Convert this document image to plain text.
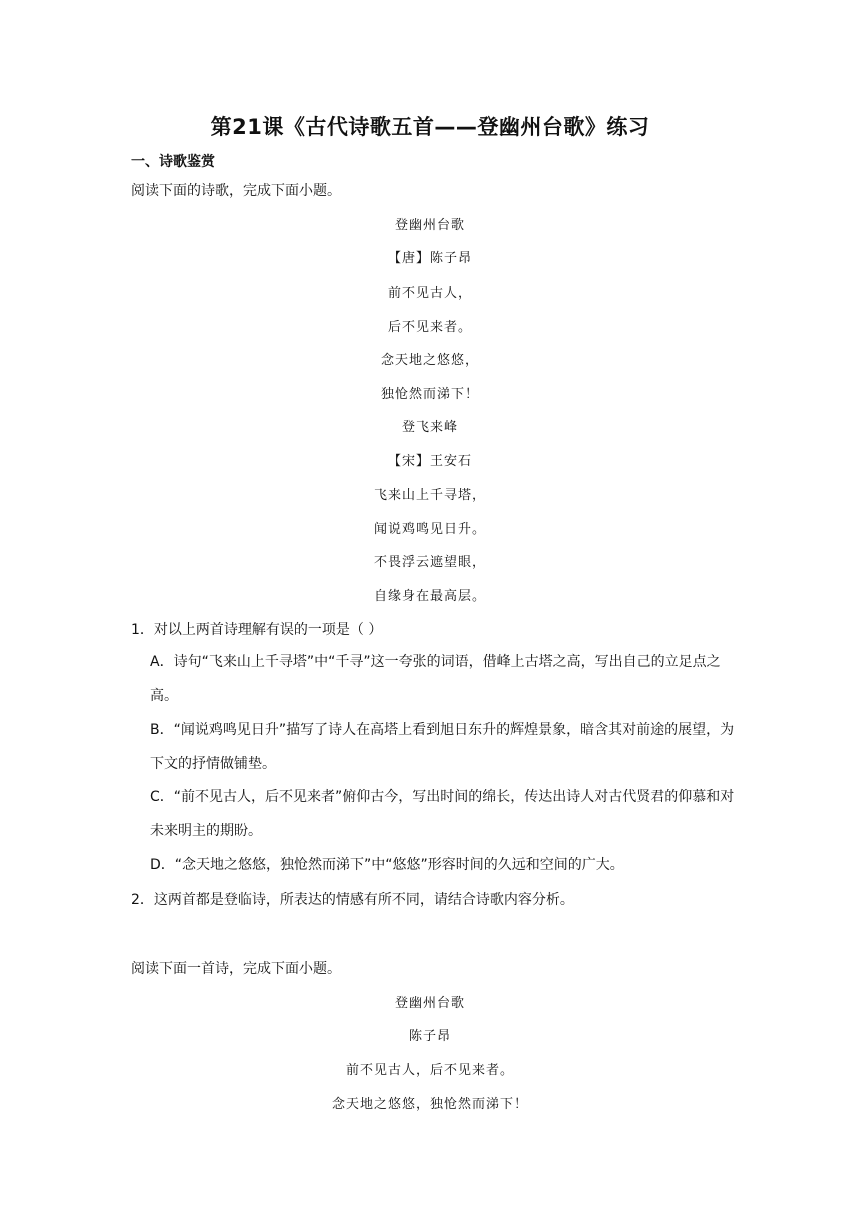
第21课《古代诗歌五首——登幽州台歌》练习
一、诗歌鉴赏
阅读下面的诗歌，完成下面小题。
登幽州台歌
【唐】陈子昂
前不见古人，
后不见来者。
念天地之悠悠，
独怆然而涕下！
登飞来峰
【宋】王安石
飞来山上千寻塔，
闻说鸡鸣见日升。
不畏浮云遮望眼，
自缘身在最高层。
1．对以上两首诗理解有误的一项是（ ）
A．诗句“飞来山上千寻塔”中“千寻”这一夸张的词语，借峰上古塔之高，写出自己的立足点之高。
B．“闻说鸡鸣见日升”描写了诗人在高塔上看到旭日东升的辉煌景象，暗含其对前途的展望，为下文的抒情做铺垫。
C．“前不见古人，后不见来者”俯仰古今，写出时间的绵长，传达出诗人对古代贤君的仰慕和对未来明主的期盼。
D．“念天地之悠悠，独怆然而涕下”中“悠悠”形容时间的久远和空间的广大。
2．这两首都是登临诗，所表达的情感有所不同，请结合诗歌内容分析。
阅读下面一首诗，完成下面小题。
登幽州台歌
陈子昂
前不见古人，后不见来者。
念天地之悠悠，独怆然而涕下！
